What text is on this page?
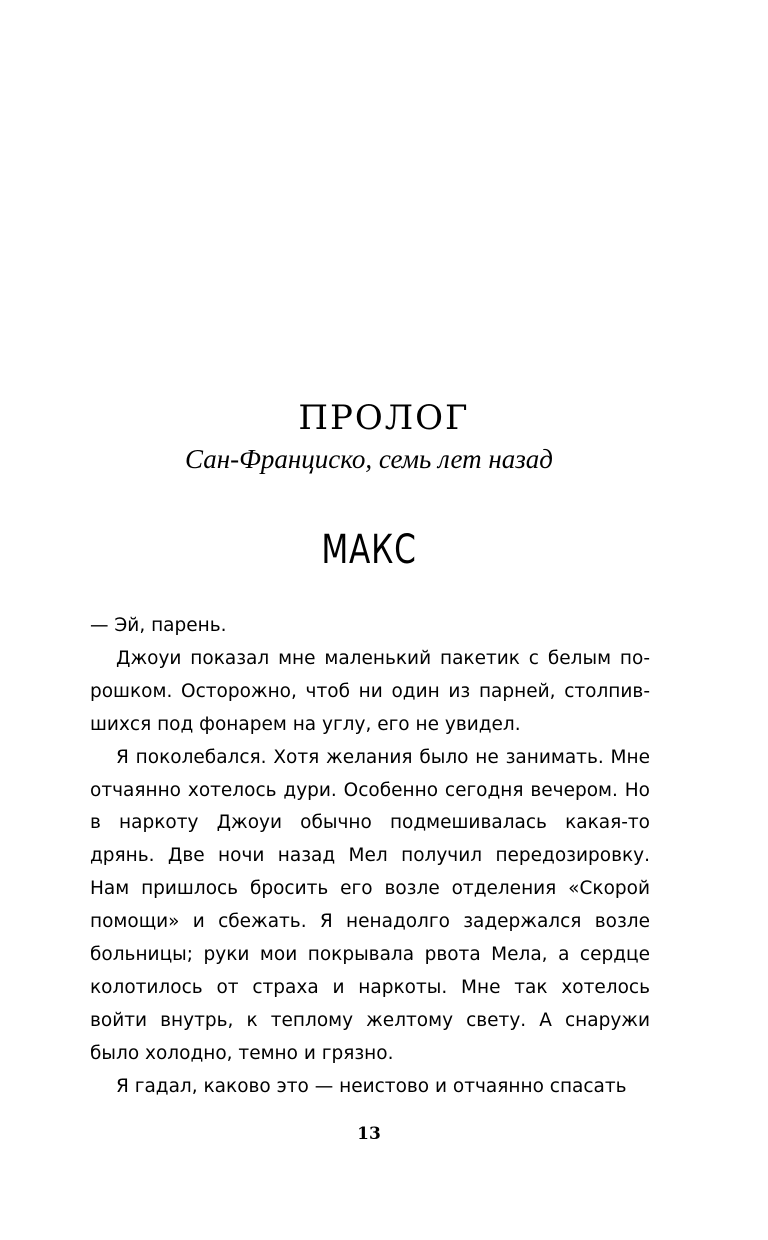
ПРОЛОГ
Сан-Франциско, семь лет назад
МАКС

— Эй, парень.

Джоуи показал мне маленький пакетик с белым порошком. Осторожно, чтоб ни один из парней, столпившихся под фонарем на углу, его не увидел.

Я поколебался. Хотя желания было не занимать. Мне отчаянно хотелось дури. Особенно сегодня вечером. Но в наркоту Джоуи обычно подмешивалась какая-то дрянь. Две ночи назад Мел получил передозировку. Нам пришлось бросить его возле отделения «Скорой помощи» и сбежать. Я ненадолго задержался возле больницы; руки мои покрывала рвота Мела, а сердце колотилось от страха и наркоты. Мне так хотелось войти внутрь, к теплому желтому свету. А снаружи было холодно, темно и грязно.

Я гадал, каково это — неистово и отчаянно спасать

13
